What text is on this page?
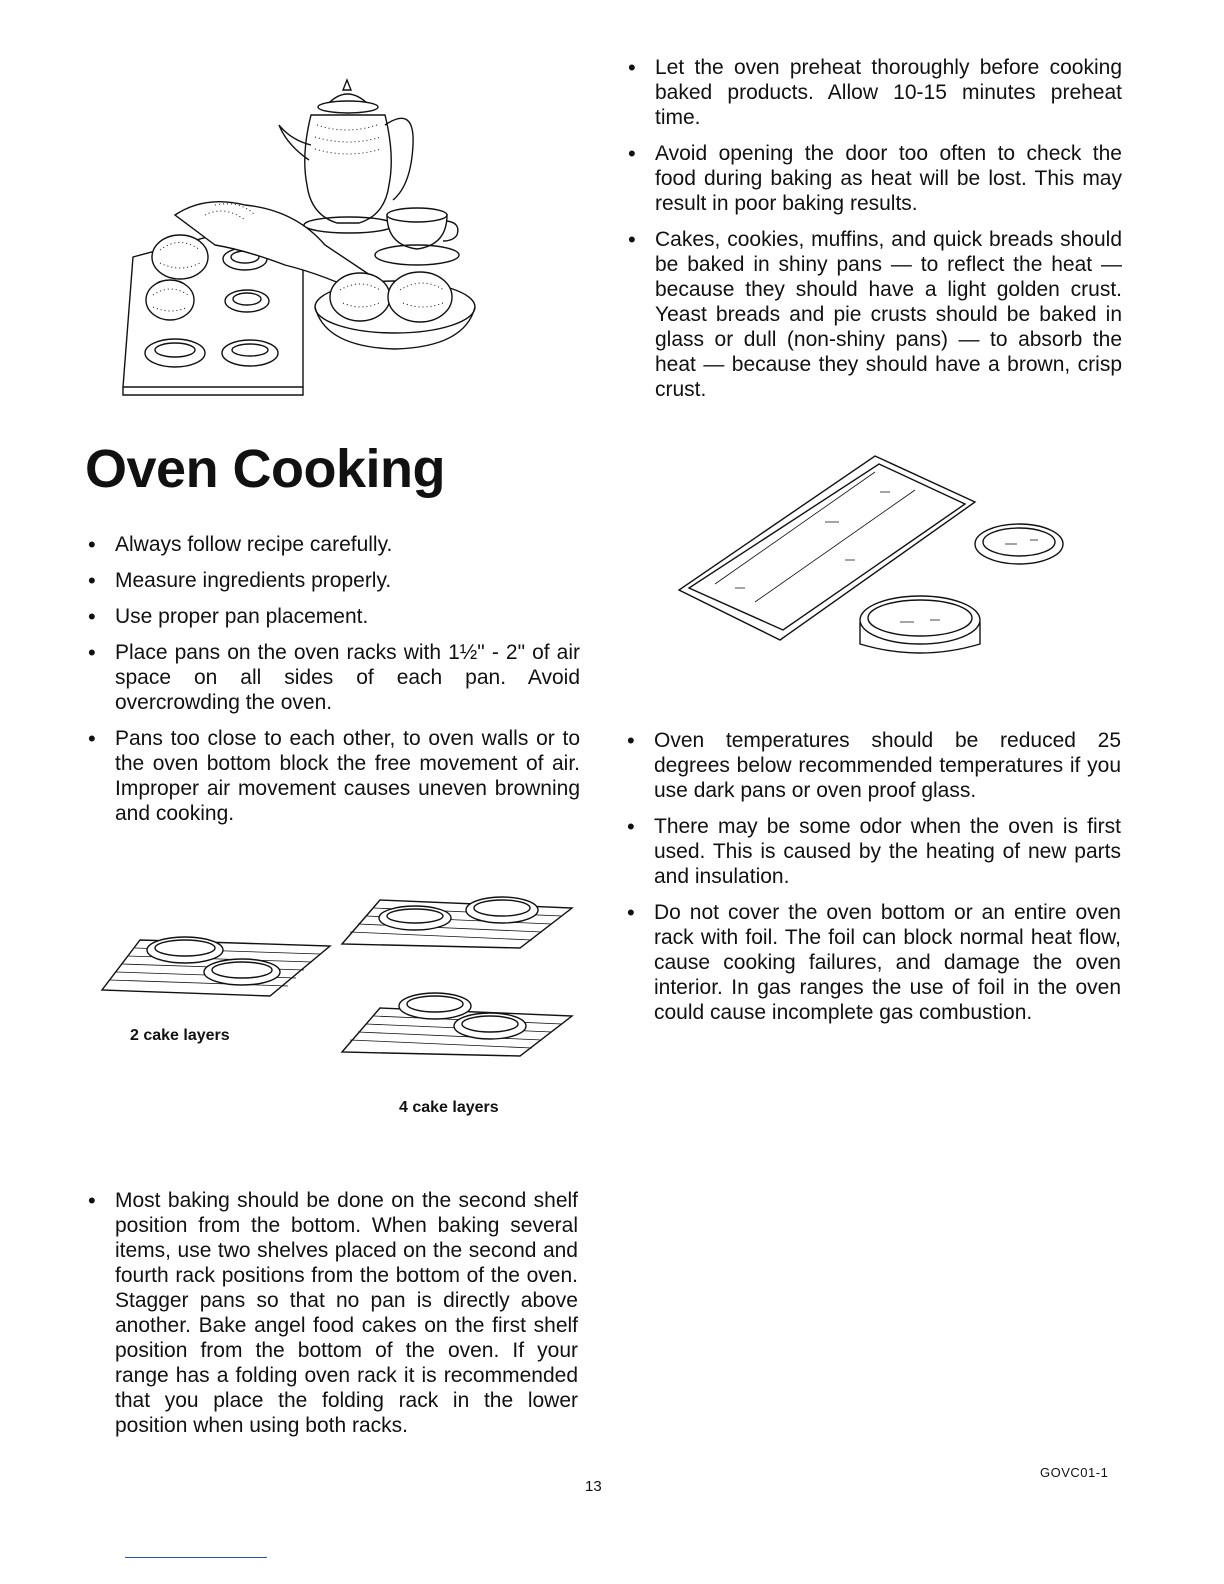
Oven Cooking
• Always follow recipe carefully.
• Measure ingredients properly.
• Use proper pan placement.
• Place pans on the oven racks with 1½" - 2" of air space on all sides of each pan. Avoid overcrowding the oven.
• Pans too close to each other, to oven walls or to the oven bottom block the free movement of air. Improper air movement causes uneven browning and cooking.
2 cake layers
4 cake layers
• Most baking should be done on the second shelf position from the bottom. When baking several items, use two shelves placed on the second and fourth rack positions from the bottom of the oven. Stagger pans so that no pan is directly above another. Bake angel food cakes on the first shelf position from the bottom of the oven. If your range has a folding oven rack it is recommended that you place the folding rack in the lower position when using both racks.
• Let the oven preheat thoroughly before cooking baked products. Allow 10-15 minutes preheat time.
• Avoid opening the door too often to check the food during baking as heat will be lost. This may result in poor baking results.
• Cakes, cookies, muffins, and quick breads should be baked in shiny pans — to reflect the heat — because they should have a light golden crust. Yeast breads and pie crusts should be baked in glass or dull (non-shiny pans) — to absorb the heat — because they should have a brown, crisp crust.
• Oven temperatures should be reduced 25 degrees below recommended temperatures if you use dark pans or oven proof glass.
• There may be some odor when the oven is first used. This is caused by the heating of new parts and insulation.
• Do not cover the oven bottom or an entire oven rack with foil. The foil can block normal heat flow, cause cooking failures, and damage the oven interior. In gas ranges the use of foil in the oven could cause incomplete gas combustion.
13
GOVC01-1
